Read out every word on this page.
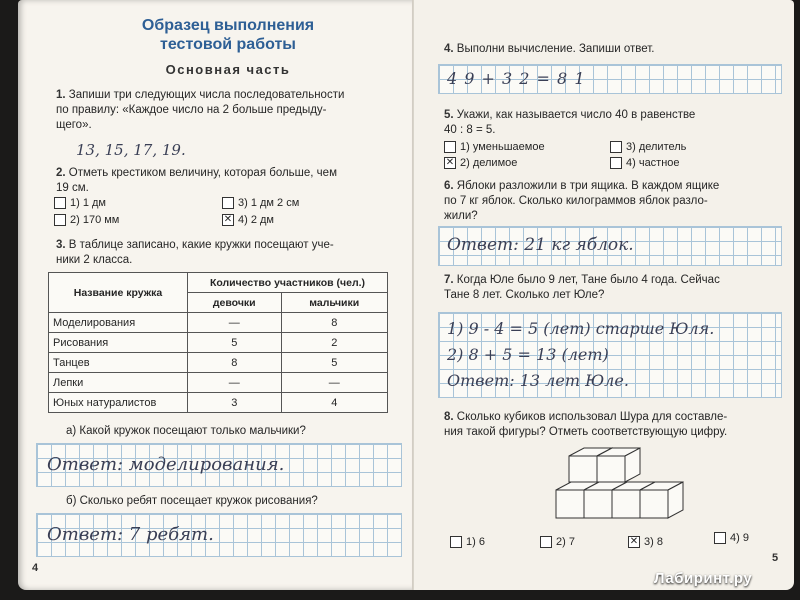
Образец выполнения
тестовой работы
Основная часть
1. Запиши три следующих числа последовательности
по правилу: «Каждое число на 2 больше предыду-
щего».
13, 15, 17, 19.
2. Отметь крестиком величину, которая больше, чем
19 см.
1) 1 дм
2) 170 мм
3) 1 дм 2 см
✕ 4) 2 дм
3. В таблице записано, какие кружки посещают уче-
ники 2 класса.
Название кружка	Количество участников (чел.)	
	девочки	мальчики
Моделирования	—	8
Рисования	5	2
Танцев	8	5
Лепки	—	—
Юных натуралистов	3	4
а) Какой кружок посещают только мальчики?
Ответ: моделирования.
б) Сколько ребят посещает кружок рисования?
Ответ: 7 ребят.
4
4. Выполни вычисление. Запиши ответ.
4 9 + 3 2 = 8 1
5. Укажи, как называется число 40 в равенстве
40 : 8 = 5.
1) уменьшаемое
✕ 2) делимое
3) делитель
4) частное
6. Яблоки разложили в три ящика. В каждом ящике
по 7 кг яблок. Сколько килограммов яблок разло-
жили?
Ответ: 21 кг яблок.
7. Когда Юле было 9 лет, Тане было 4 года. Сейчас
Тане 8 лет. Сколько лет Юле?
1) 9 - 4 = 5 (лет) старше Юля.
2) 8 + 5 = 13 (лет)
Ответ: 13 лет Юле.
8. Сколько кубиков использовал Шура для составле-
ния такой фигуры? Отметь соответствующую цифру.
1) 6	2) 7	✕ 3) 8	4) 9
5
Лабиринт.ру
